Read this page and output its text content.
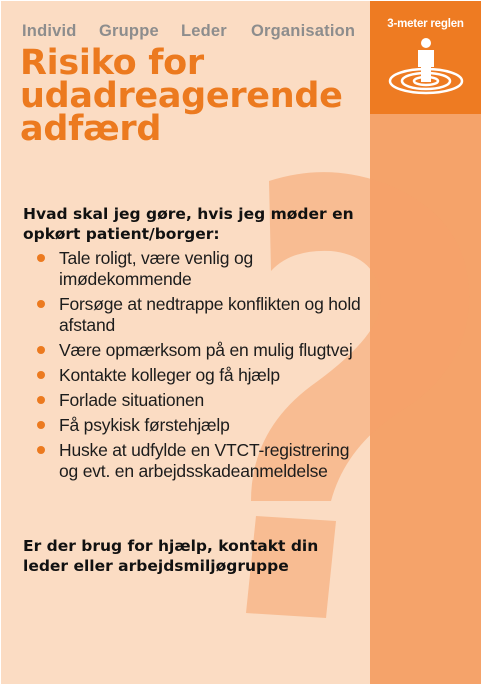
3-meter reglen
Individ Gruppe Leder Organisation
Risiko for
udadreagerende
adfærd
Hvad skal jeg gøre, hvis jeg møder en opkørt patient/borger:
Tale roligt, være venlig og imødekommende
Forsøge at nedtrappe konflikten og hold afstand
Være opmærksom på en mulig flugtvej
Kontakte kolleger og få hjælp
Forlade situationen
Få psykisk førstehjælp
Huske at udfylde en VTCT-registrering og evt. en arbejdsskadeanmeldelse
Er der brug for hjælp, kontakt din leder eller arbejdsmiljøgruppe
